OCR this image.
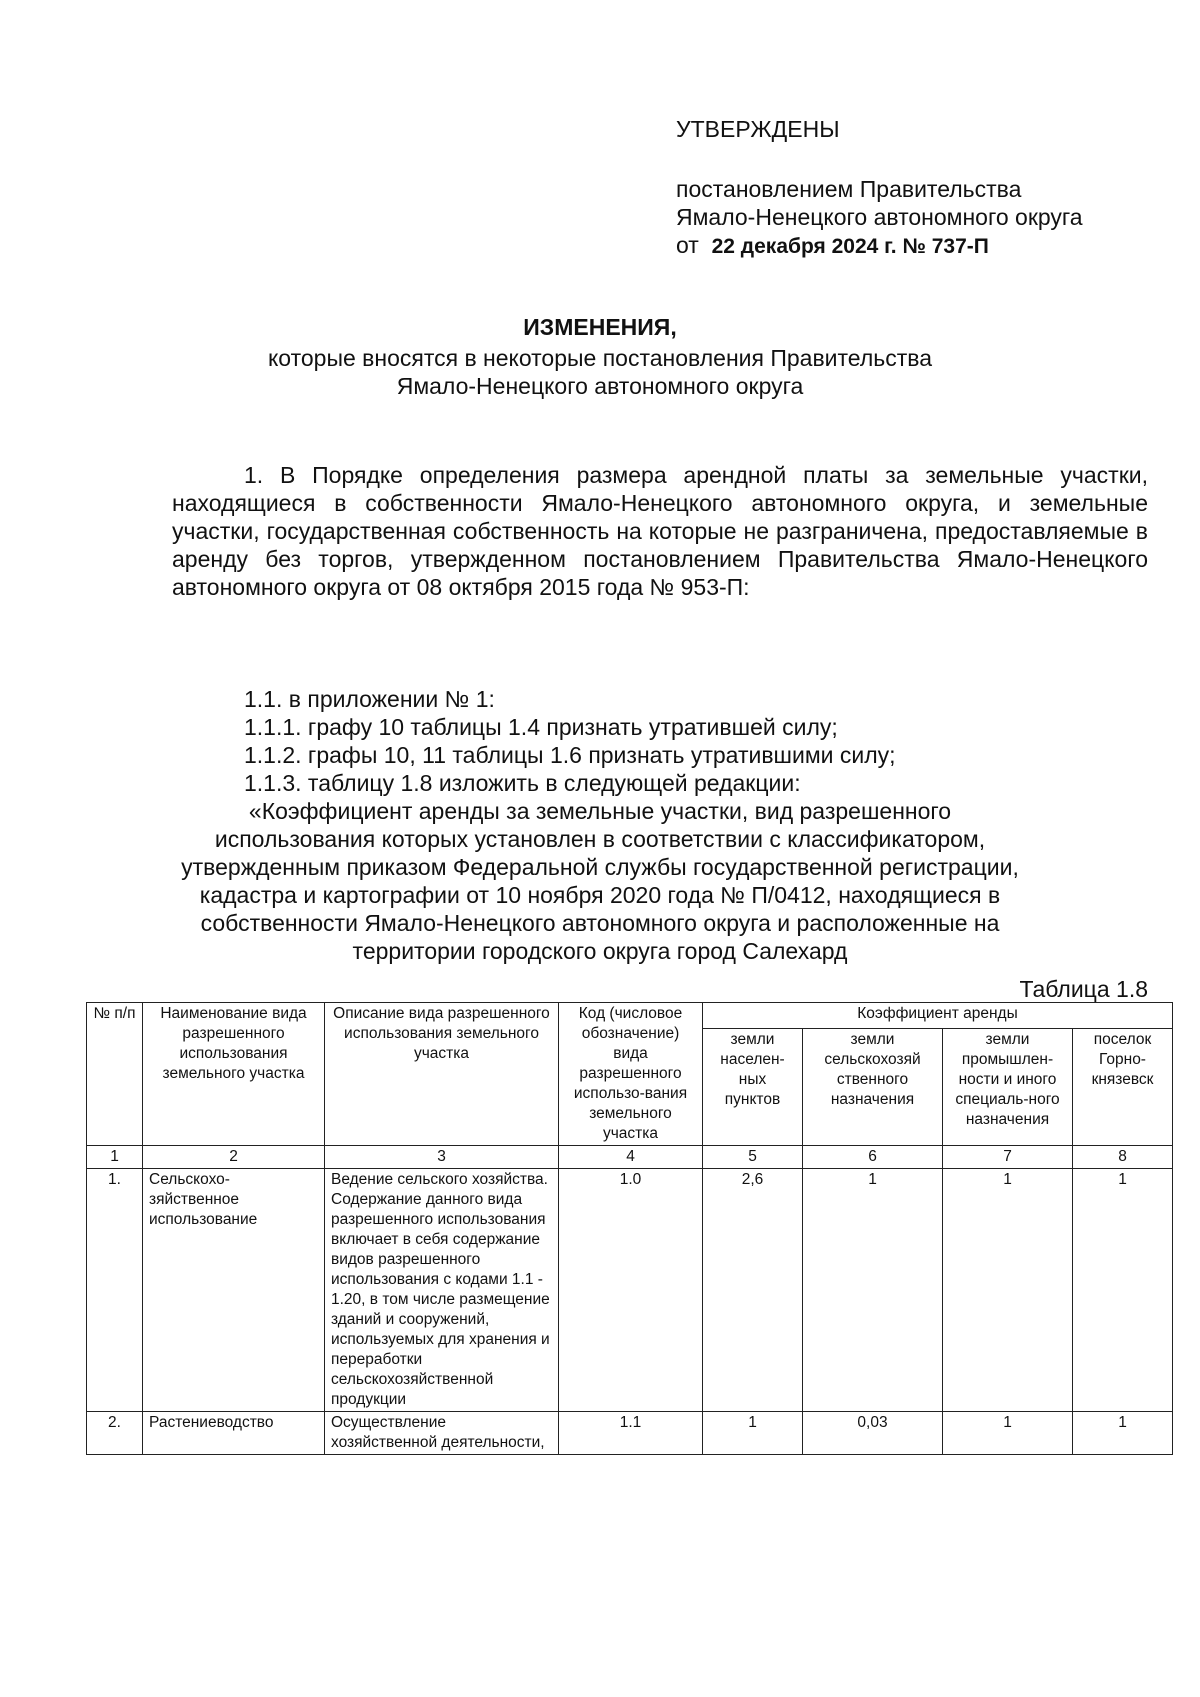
УТВЕРЖДЕНЫ
постановлением Правительства
Ямало-Ненецкого автономного округа
от 22 декабря 2024 г. № 737-П
ИЗМЕНЕНИЯ,
которые вносятся в некоторые постановления Правительства
Ямало-Ненецкого автономного округа
1. В Порядке определения размера арендной платы за земельные участки, находящиеся в собственности Ямало-Ненецкого автономного округа, и земельные участки, государственная собственность на которые не разграничена, предоставляемые в аренду без торгов, утвержденном постановлением Правительства Ямало-Ненецкого автономного округа от 08 октября 2015 года № 953-П:
1.1. в приложении № 1:
1.1.1. графу 10 таблицы 1.4 признать утратившей силу;
1.1.2. графы 10, 11 таблицы 1.6 признать утратившими силу;
1.1.3. таблицу 1.8 изложить в следующей редакции:
«Коэффициент аренды за земельные участки, вид разрешенного
использования которых установлен в соответствии с классификатором,
утвержденным приказом Федеральной службы государственной регистрации,
кадастра и картографии от 10 ноября 2020 года № П/0412, находящиеся в
собственности Ямало-Ненецкого автономного округа и расположенные на
территории городского округа город Салехард
Таблица 1.8
№ п/п	Наименование вида разрешенного использования земельного участка	Описание вида разрешенного использования земельного участка	Код (числовое обозначение) вида разрешенного использо-вания земельного участка	Коэффициент аренды			
				земли населен-ных пунктов	земли сельскохозяй ственного назначения	земли промышлен-ности и иного специаль-ного назначения	поселок Горно-князевск
1	2	3	4	5	6	7	8
1.	Сельскохо-зяйственное использование	Ведение сельского хозяйства. Содержание данного вида разрешенного использования включает в себя содержание видов разрешенного использования с кодами 1.1 - 1.20, в том числе размещение зданий и сооружений, используемых для хранения и переработки сельскохозяйственной продукции	1.0	2,6	1	1	1
2.	Растениеводство	Осуществление хозяйственной деятельности,	1.1	1	0,03	1	1
